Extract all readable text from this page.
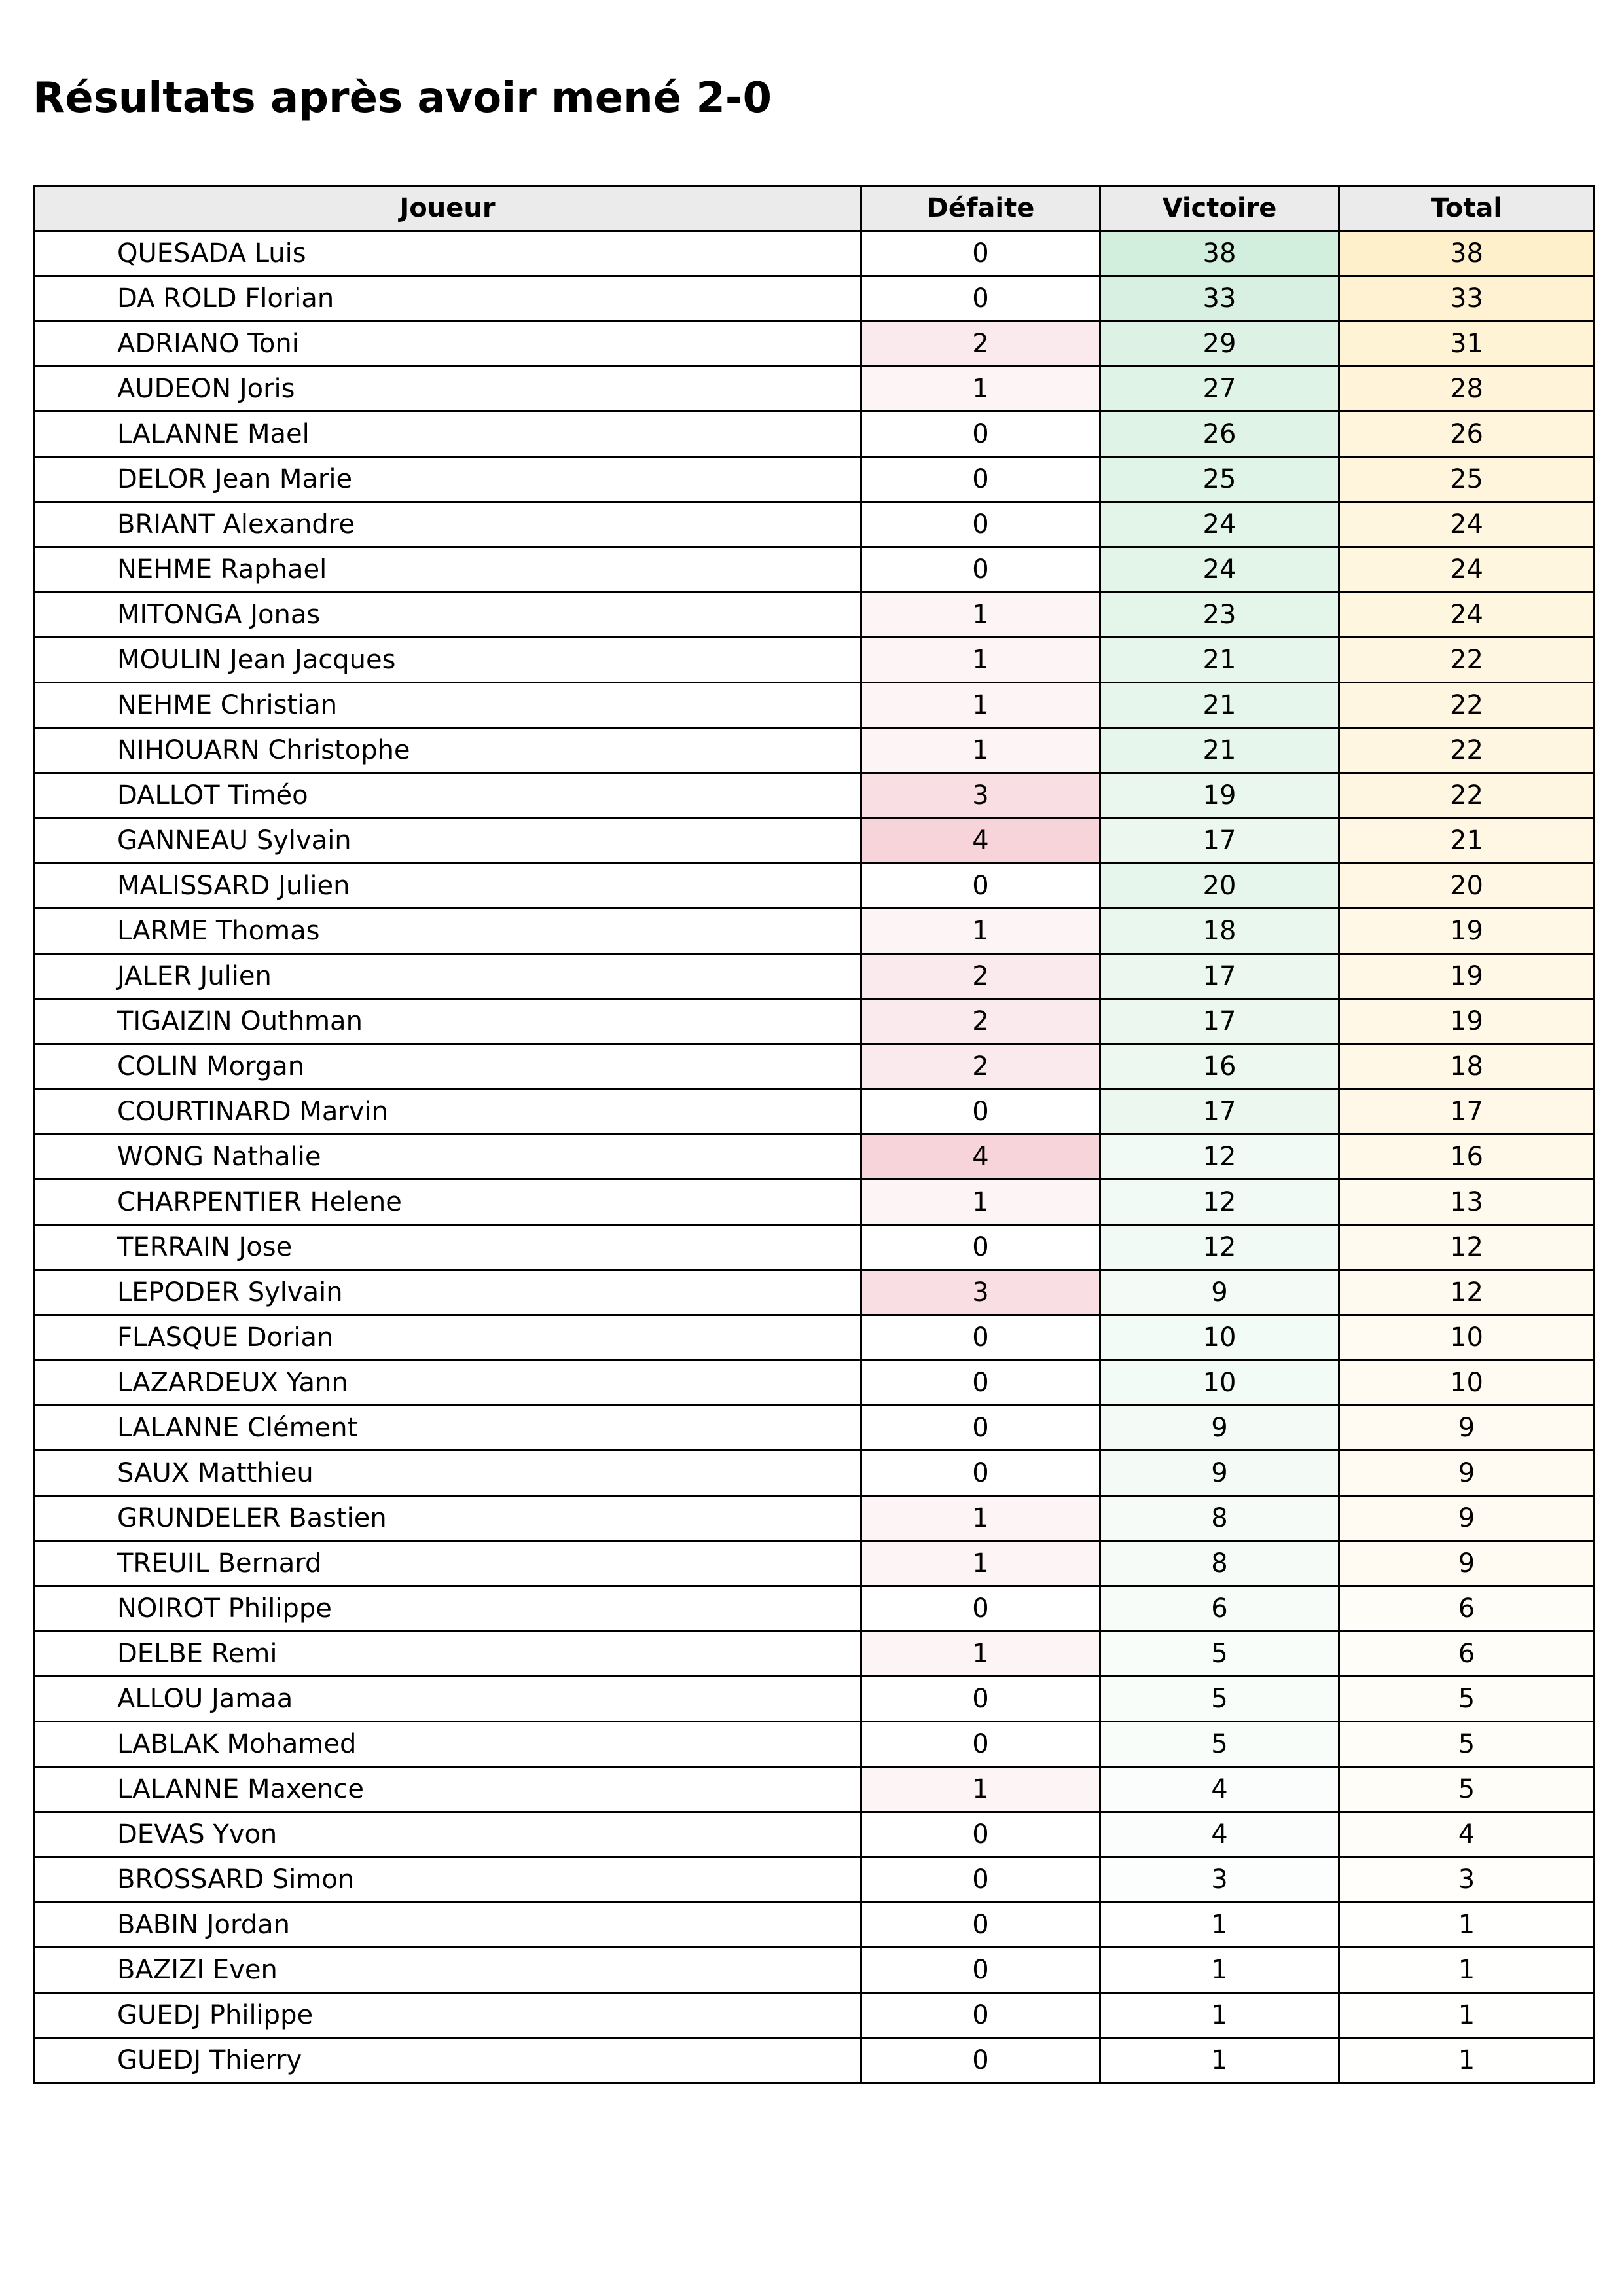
Résultats après avoir mené 2-0
Joueur	Défaite	Victoire	Total
QUESADA Luis	0	38	38
DA ROLD Florian	0	33	33
ADRIANO Toni	2	29	31
AUDEON Joris	1	27	28
LALANNE Mael	0	26	26
DELOR Jean Marie	0	25	25
BRIANT Alexandre	0	24	24
NEHME Raphael	0	24	24
MITONGA Jonas	1	23	24
MOULIN Jean Jacques	1	21	22
NEHME Christian	1	21	22
NIHOUARN Christophe	1	21	22
DALLOT Timéo	3	19	22
GANNEAU Sylvain	4	17	21
MALISSARD Julien	0	20	20
LARME Thomas	1	18	19
JALER Julien	2	17	19
TIGAIZIN Outhman	2	17	19
COLIN Morgan	2	16	18
COURTINARD Marvin	0	17	17
WONG Nathalie	4	12	16
CHARPENTIER Helene	1	12	13
TERRAIN Jose	0	12	12
LEPODER Sylvain	3	9	12
FLASQUE Dorian	0	10	10
LAZARDEUX Yann	0	10	10
LALANNE Clément	0	9	9
SAUX Matthieu	0	9	9
GRUNDELER Bastien	1	8	9
TREUIL Bernard	1	8	9
NOIROT Philippe	0	6	6
DELBE Remi	1	5	6
ALLOU Jamaa	0	5	5
LABLAK Mohamed	0	5	5
LALANNE Maxence	1	4	5
DEVAS Yvon	0	4	4
BROSSARD Simon	0	3	3
BABIN Jordan	0	1	1
BAZIZI Even	0	1	1
GUEDJ Philippe	0	1	1
GUEDJ Thierry	0	1	1
